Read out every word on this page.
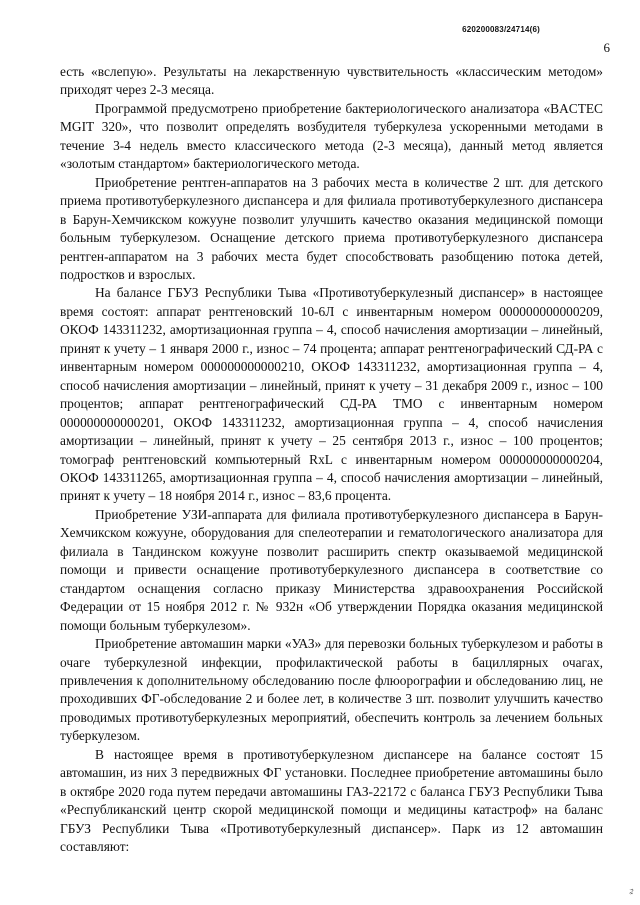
620200083/24714(6)
6

есть «вслепую». Результаты на лекарственную чувствительность «классическим методом» приходят через 2-3 месяца.

Программой предусмотрено приобретение бактериологического анализатора «BACTEC MGIT 320», что позволит определять возбудителя туберкулеза ускоренными методами в течение 3-4 недель вместо классического метода (2-3 месяца), данный метод является «золотым стандартом» бактериологического метода.

Приобретение рентген-аппаратов на 3 рабочих места в количестве 2 шт. для детского приема противотуберкулезного диспансера и для филиала противотуберкулезного диспансера в Барун-Хемчикском кожууне позволит улучшить качество оказания медицинской помощи больным туберкулезом. Оснащение детского приема противотуберкулезного диспансера рентген-аппаратом на 3 рабочих места будет способствовать разобщению потока детей, подростков и взрослых.

На балансе ГБУЗ Республики Тыва «Противотуберкулезный диспансер» в настоящее время состоят: аппарат рентгеновский 10-6Л с инвентарным номером 000000000000209, ОКОФ 143311232, амортизационная группа – 4, способ начисления амортизации – линейный, принят к учету – 1 января 2000 г., износ – 74 процента; аппарат рентгенографический СД-РА с инвентарным номером 000000000000210, ОКОФ 143311232, амортизационная группа – 4, способ начисления амортизации – линейный, принят к учету – 31 декабря 2009 г., износ – 100 процентов; аппарат рентгенографический СД-РА ТМО с инвентарным номером 000000000000201, ОКОФ 143311232, амортизационная группа – 4, способ начисления амортизации – линейный, принят к учету – 25 сентября 2013 г., износ – 100 процентов; томограф рентгеновский компьютерный RxL с инвентарным номером 000000000000204, ОКОФ 143311265, амортизационная группа – 4, способ начисления амортизации – линейный, принят к учету – 18 ноября 2014 г., износ – 83,6 процента.

Приобретение УЗИ-аппарата для филиала противотуберкулезного диспансера в Барун-Хемчикском кожууне, оборудования для спелеотерапии и гематологического анализатора для филиала в Тандинском кожууне позволит расширить спектр оказываемой медицинской помощи и привести оснащение противотуберкулезного диспансера в соответствие со стандартом оснащения согласно приказу Министерства здравоохранения Российской Федерации от 15 ноября 2012 г. № 932н «Об утверждении Порядка оказания медицинской помощи больным туберкулезом».

Приобретение автомашин марки «УАЗ» для перевозки больных туберкулезом и работы в очаге туберкулезной инфекции, профилактической работы в бациллярных очагах, привлечения к дополнительному обследованию после флюорографии и обследованию лиц, не проходивших ФГ-обследование 2 и более лет, в количестве 3 шт. позволит улучшить качество проводимых противотуберкулезных мероприятий, обеспечить контроль за лечением больных туберкулезом.

В настоящее время в противотуберкулезном диспансере на балансе состоят 15 автомашин, из них 3 передвижных ФГ установки. Последнее приобретение автомашины было в октябре 2020 года путем передачи автомашины ГАЗ-22172 с баланса ГБУЗ Республики Тыва «Республиканский центр скорой медицинской помощи и медицины катастроф» на баланс ГБУЗ Республики Тыва «Противотуберкулезный диспансер». Парк из 12 автомашин составляют:

𝓇𝓈
